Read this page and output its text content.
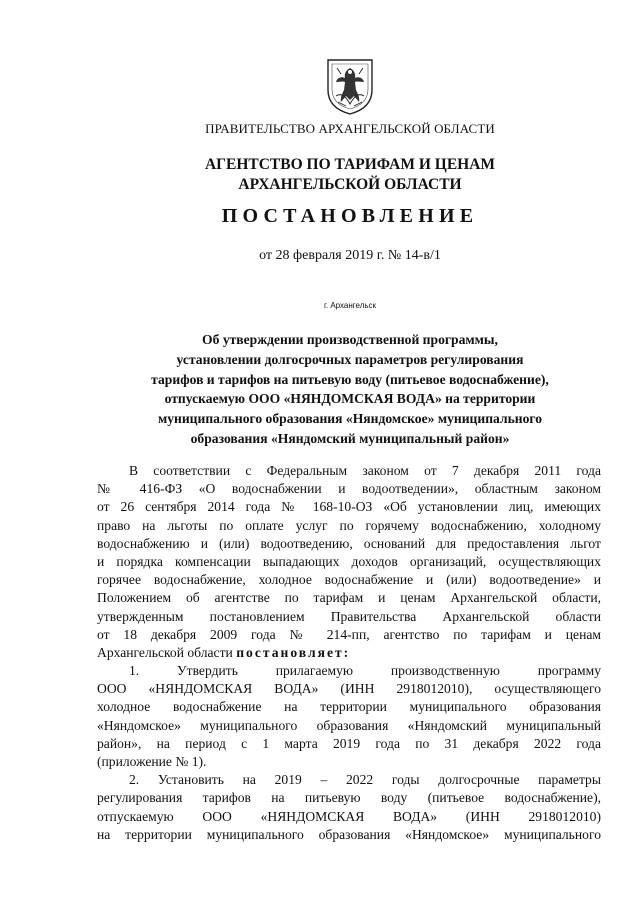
ПРАВИТЕЛЬСТВО АРХАНГЕЛЬСКОЙ ОБЛАСТИ
АГЕНТСТВО ПО ТАРИФАМ И ЦЕНАМ
АРХАНГЕЛЬСКОЙ ОБЛАСТИ
ПОСТАНОВЛЕНИЕ
от 28 февраля 2019 г. № 14-в/1
г. Архангельск
Об утверждении производственной программы,
установлении долгосрочных параметров регулирования
тарифов и тарифов на питьевую воду (питьевое водоснабжение),
отпускаемую ООО «НЯНДОМСКАЯ ВОДА» на территории
муниципального образования «Няндомское» муниципального
образования «Няндомский муниципальный район»
В соответствии с Федеральным законом от 7 декабря 2011 года
№ 416-ФЗ «О водоснабжении и водоотведении», областным законом
от 26 сентября 2014 года № 168-10-ОЗ «Об установлении лиц, имеющих
право на льготы по оплате услуг по горячему водоснабжению, холодному
водоснабжению и (или) водоотведению, оснований для предоставления льгот
и порядка компенсации выпадающих доходов организаций, осуществляющих
горячее водоснабжение, холодное водоснабжение и (или) водоотведение» и
Положением об агентстве по тарифам и ценам Архангельской области,
утвержденным постановлением Правительства Архангельской области
от 18 декабря 2009 года № 214-пп, агентство по тарифам и ценам
Архангельской области постановляет:
1. Утвердить прилагаемую производственную программу
ООО «НЯНДОМСКАЯ ВОДА» (ИНН 2918012010), осуществляющего
холодное водоснабжение на территории муниципального образования
«Няндомское» муниципального образования «Няндомский муниципальный
район», на период с 1 марта 2019 года по 31 декабря 2022 года
(приложение № 1).
2. Установить на 2019 – 2022 годы долгосрочные параметры
регулирования тарифов на питьевую воду (питьевое водоснабжение),
отпускаемую ООО «НЯНДОМСКАЯ ВОДА» (ИНН 2918012010)
на территории муниципального образования «Няндомское» муниципального
